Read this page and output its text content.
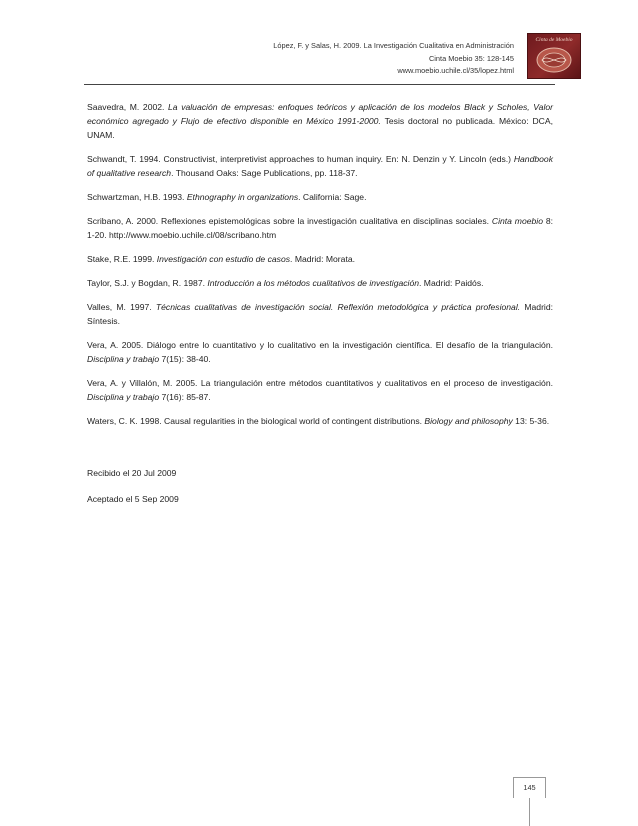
López, F. y Salas, H. 2009. La Investigación Cualitativa en Administración
Cinta Moebio 35: 128-145
www.moebio.uchile.cl/35/lopez.html
Cinta de Moebio

Saavedra, M. 2002. La valuación de empresas: enfoques teóricos y aplicación de los modelos Black y Scholes, Valor económico agregado y Flujo de efectivo disponible en México 1991-2000. Tesis doctoral no publicada. México: DCA, UNAM.

Schwandt, T. 1994. Constructivist, interpretivist approaches to human inquiry. En: N. Denzin y Y. Lincoln (eds.) Handbook of qualitative research. Thousand Oaks: Sage Publications, pp. 118-37.

Schwartzman, H.B. 1993. Ethnography in organizations. California: Sage.

Scribano, A. 2000. Reflexiones epistemológicas sobre la investigación cualitativa en disciplinas sociales. Cinta moebio 8: 1-20. http://www.moebio.uchile.cl/08/scribano.htm

Stake, R.E. 1999. Investigación con estudio de casos. Madrid: Morata.

Taylor, S.J. y Bogdan, R. 1987. Introducción a los métodos cualitativos de investigación. Madrid: Paidós.

Valles, M. 1997. Técnicas cualitativas de investigación social. Reflexión metodológica y práctica profesional. Madrid: Síntesis.

Vera, A. 2005. Diálogo entre lo cuantitativo y lo cualitativo en la investigación científica. El desafío de la triangulación. Disciplina y trabajo 7(15): 38-40.

Vera, A. y Villalón, M. 2005. La triangulación entre métodos cuantitativos y cualitativos en el proceso de investigación. Disciplina y trabajo 7(16): 85-87.

Waters, C. K. 1998. Causal regularities in the biological world of contingent distributions. Biology and philosophy 13: 5-36.

Recibido el 20 Jul 2009

Aceptado el 5 Sep 2009

145
